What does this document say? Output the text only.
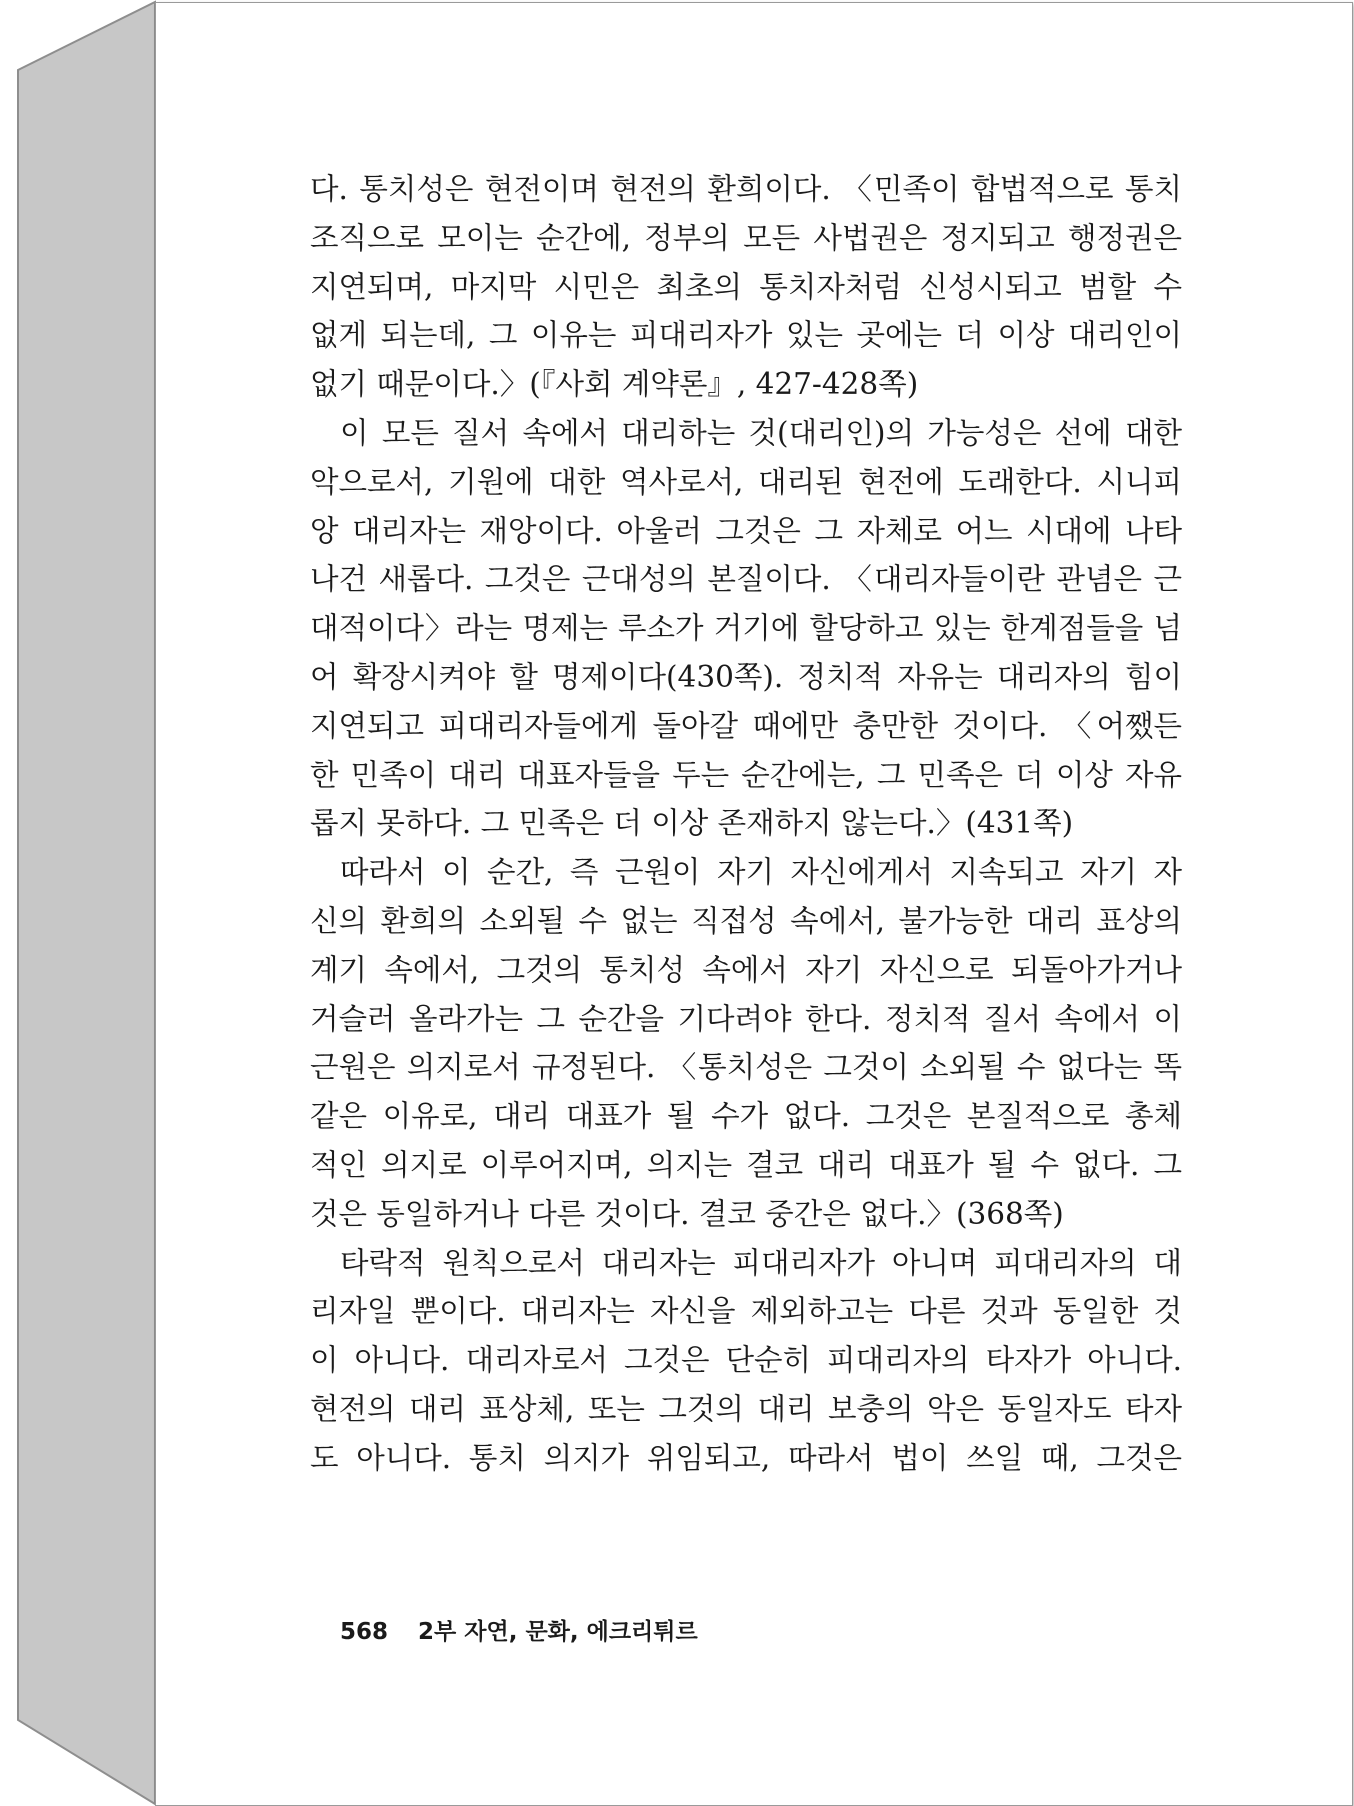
다. 통치성은 현전이며 현전의 환희이다. 〈민족이 합법적으로 통치
조직으로 모이는 순간에, 정부의 모든 사법권은 정지되고 행정권은
지연되며, 마지막 시민은 최초의 통치자처럼 신성시되고 범할 수
없게 되는데, 그 이유는 피대리자가 있는 곳에는 더 이상 대리인이
없기 때문이다.〉(『사회 계약론』, 427-428쪽)
이 모든 질서 속에서 대리하는 것(대리인)의 가능성은 선에 대한
악으로서, 기원에 대한 역사로서, 대리된 현전에 도래한다. 시니피
앙 대리자는 재앙이다. 아울러 그것은 그 자체로 어느 시대에 나타
나건 새롭다. 그것은 근대성의 본질이다. 〈대리자들이란 관념은 근
대적이다〉라는 명제는 루소가 거기에 할당하고 있는 한계점들을 넘
어 확장시켜야 할 명제이다(430쪽). 정치적 자유는 대리자의 힘이
지연되고 피대리자들에게 돌아갈 때에만 충만한 것이다. 〈어쨌든
한 민족이 대리 대표자들을 두는 순간에는, 그 민족은 더 이상 자유
롭지 못하다. 그 민족은 더 이상 존재하지 않는다.〉(431쪽)
따라서 이 순간, 즉 근원이 자기 자신에게서 지속되고 자기 자
신의 환희의 소외될 수 없는 직접성 속에서, 불가능한 대리 표상의
계기 속에서, 그것의 통치성 속에서 자기 자신으로 되돌아가거나
거슬러 올라가는 그 순간을 기다려야 한다. 정치적 질서 속에서 이
근원은 의지로서 규정된다. 〈통치성은 그것이 소외될 수 없다는 똑
같은 이유로, 대리 대표가 될 수가 없다. 그것은 본질적으로 총체
적인 의지로 이루어지며, 의지는 결코 대리 대표가 될 수 없다. 그
것은 동일하거나 다른 것이다. 결코 중간은 없다.〉(368쪽)
타락적 원칙으로서 대리자는 피대리자가 아니며 피대리자의 대
리자일 뿐이다. 대리자는 자신을 제외하고는 다른 것과 동일한 것
이 아니다. 대리자로서 그것은 단순히 피대리자의 타자가 아니다.
현전의 대리 표상체, 또는 그것의 대리 보충의 악은 동일자도 타자
도 아니다. 통치 의지가 위임되고, 따라서 법이 쓰일 때, 그것은
568 2부 자연, 문화, 에크리튀르
